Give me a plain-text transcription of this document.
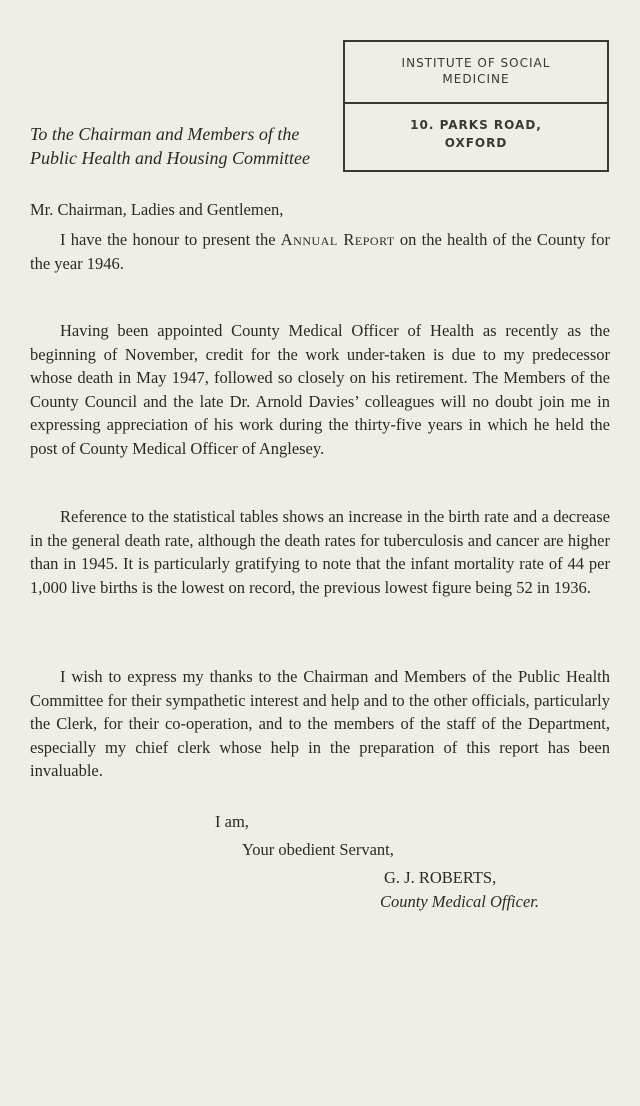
INSTITUTE OF SOCIAL
MEDICINE
10. PARKS ROAD,
OXFORD
To the Chairman and Members of the
Public Health and Housing Committee

Mr. Chairman, Ladies and Gentlemen,

I have the honour to present the Annual Report on the health of the County for the year 1946.

Having been appointed County Medical Officer of Health as recently as the beginning of November, credit for the work under-taken is due to my predecessor whose death in May 1947, followed so closely on his retirement. The Members of the County Council and the late Dr. Arnold Davies’ colleagues will no doubt join me in expressing appreciation of his work during the thirty-five years in which he held the post of County Medical Officer of Anglesey.

Reference to the statistical tables shows an increase in the birth rate and a decrease in the general death rate, although the death rates for tuberculosis and cancer are higher than in 1945. It is particularly gratifying to note that the infant mortality rate of 44 per 1,000 live births is the lowest on record, the previous lowest figure being 52 in 1936.

I wish to express my thanks to the Chairman and Members of the Public Health Committee for their sympathetic interest and help and to the other officials, particularly the Clerk, for their co-operation, and to the members of the staff of the Department, especially my chief clerk whose help in the preparation of this report has been invaluable.

I am,

Your obedient Servant,

G. J. ROBERTS,

County Medical Officer.
